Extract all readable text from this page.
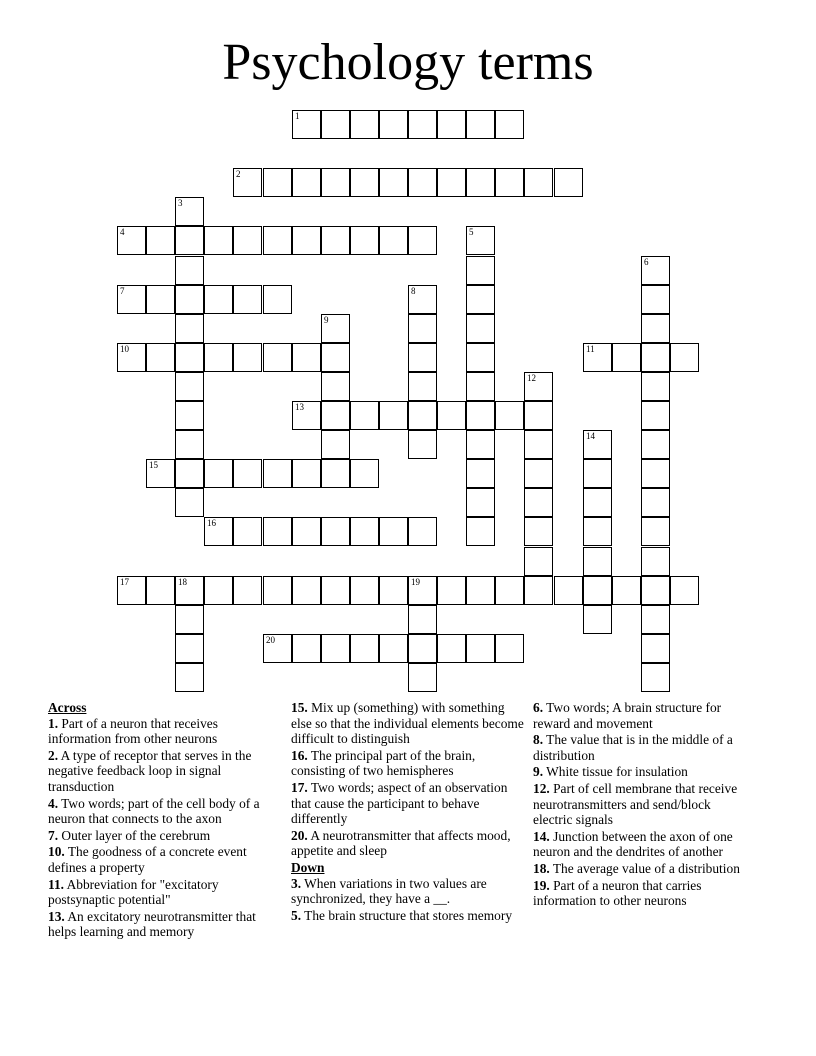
Psychology terms
1
2
3
4	5
6
7	8
9
10	11
12
13
14
15
16
17	18	19
20
Across
1. Part of a neuron that receives information from other neurons
2. A type of receptor that serves in the negative feedback loop in signal transduction
4. Two words; part of the cell body of a neuron that connects to the axon
7. Outer layer of the cerebrum
10. The goodness of a concrete event defines a property
11. Abbreviation for "excitatory postsynaptic potential"
13. An excitatory neurotransmitter that helps learning and memory
15. Mix up (something) with something else so that the individual elements become difficult to distinguish
16. The principal part of the brain, consisting of two hemispheres
17. Two words; aspect of an observation that cause the participant to behave differently
20. A neurotransmitter that affects mood, appetite and sleep
Down
3. When variations in two values are synchronized, they have a __.
5. The brain structure that stores memory
6. Two words; A brain structure for reward and movement
8. The value that is in the middle of a distribution
9. White tissue for insulation
12. Part of cell membrane that receive neurotransmitters and send/block electric signals
14. Junction between the axon of one neuron and the dendrites of another
18. The average value of a distribution
19. Part of a neuron that carries information to other neurons
